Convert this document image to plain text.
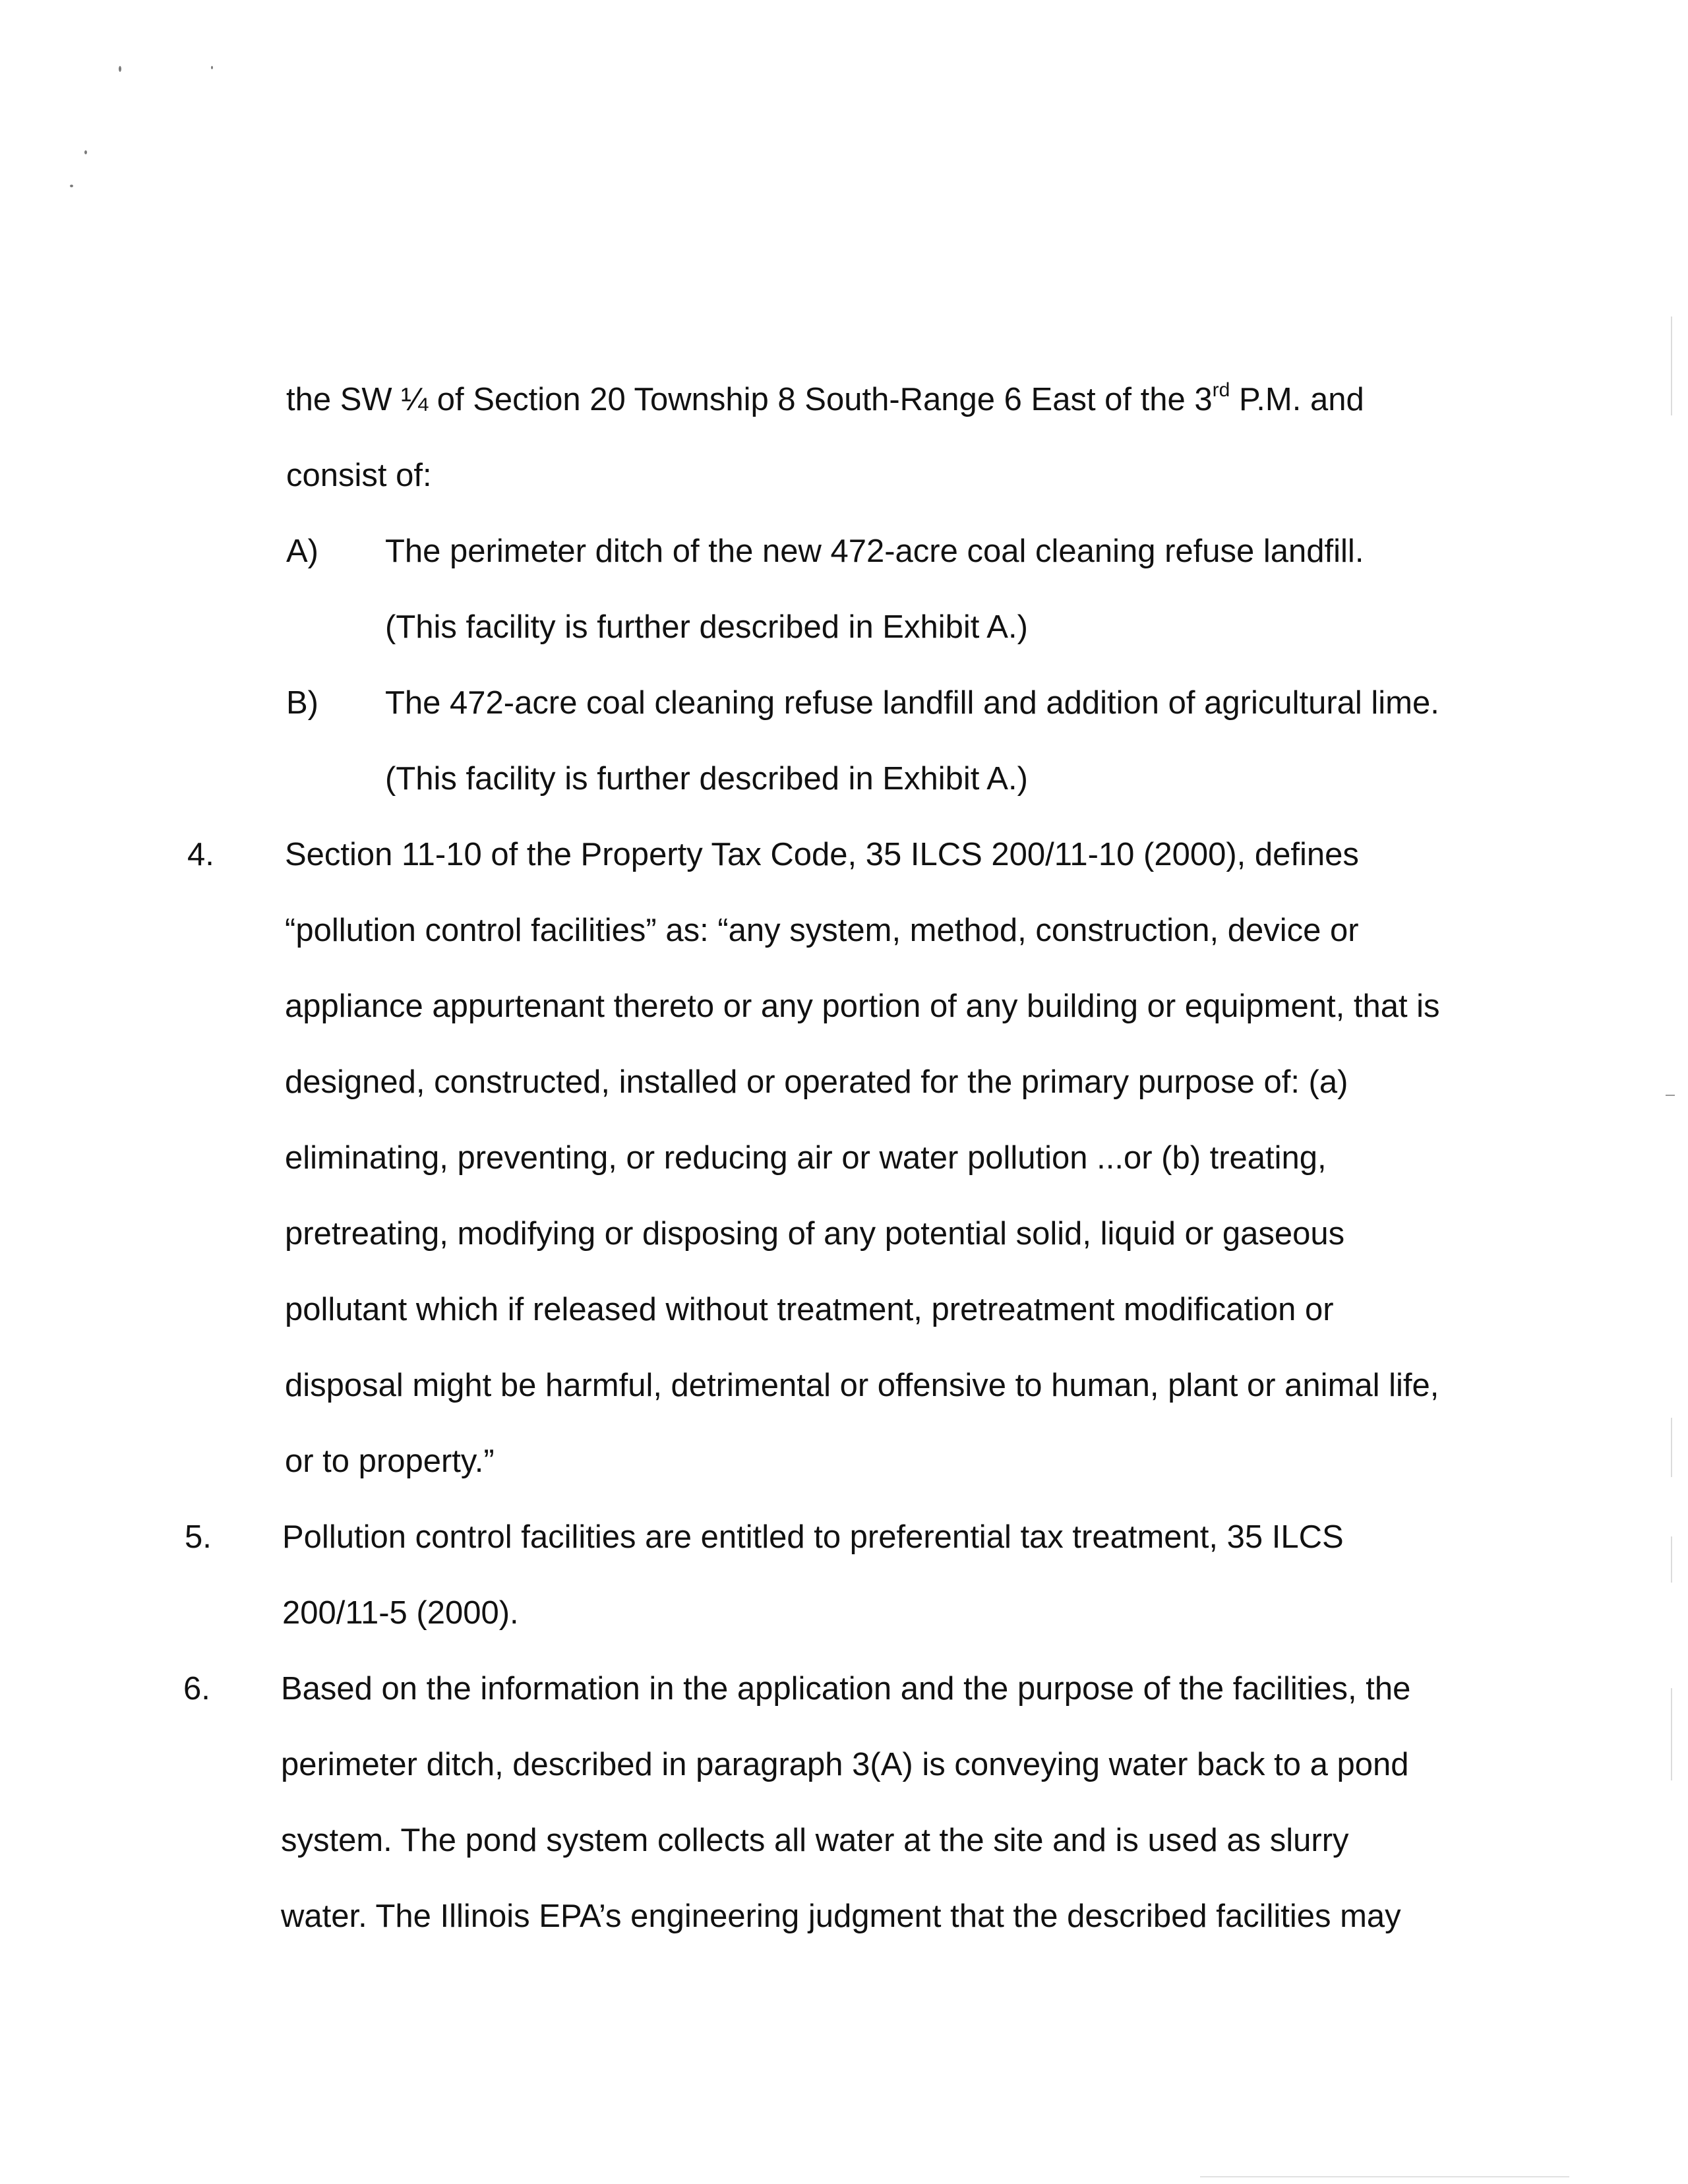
the SW ¼ of Section 20 Township 8 South-Range 6 East of the 3rd P.M. and
consist of:
A) The perimeter ditch of the new 472-acre coal cleaning refuse landfill.
(This facility is further described in Exhibit A.)
B) The 472-acre coal cleaning refuse landfill and addition of agricultural lime.
(This facility is further described in Exhibit A.)
4. Section 11-10 of the Property Tax Code, 35 ILCS 200/11-10 (2000), defines
“pollution control facilities” as: “any system, method, construction, device or
appliance appurtenant thereto or any portion of any building or equipment, that is
designed, constructed, installed or operated for the primary purpose of: (a)
eliminating, preventing, or reducing air or water pollution ...or (b) treating,
pretreating, modifying or disposing of any potential solid, liquid or gaseous
pollutant which if released without treatment, pretreatment modification or
disposal might be harmful, detrimental or offensive to human, plant or animal life,
or to property.”
5. Pollution control facilities are entitled to preferential tax treatment, 35 ILCS
200/11-5 (2000).
6. Based on the information in the application and the purpose of the facilities, the
perimeter ditch, described in paragraph 3(A) is conveying water back to a pond
system. The pond system collects all water at the site and is used as slurry
water. The Illinois EPA’s engineering judgment that the described facilities may
